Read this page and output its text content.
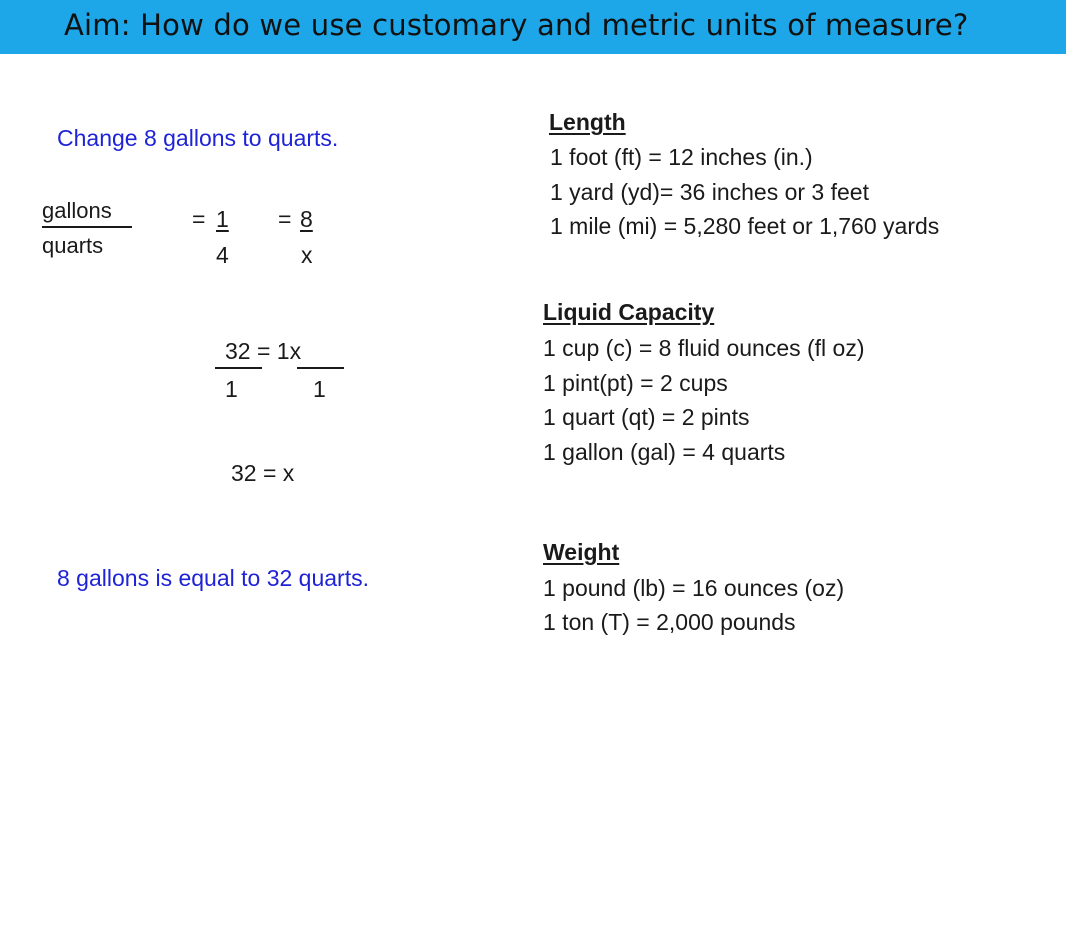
Aim: How do we use customary and metric units of measure?
Change 8 gallons to quarts.
gallons
quarts
= 1
4
= 8
x
32 = 1x
1	1
32 = x
8 gallons is equal to 32 quarts.
Length
1 foot (ft) = 12 inches (in.)
1 yard (yd)= 36 inches or 3 feet
1 mile (mi) = 5,280 feet or 1,760 yards
Liquid Capacity
1 cup (c) = 8 fluid ounces (fl oz)
1 pint(pt) = 2 cups
1 quart (qt) = 2 pints
1 gallon (gal) = 4 quarts
Weight
1 pound (lb) = 16 ounces (oz)
1 ton (T) = 2,000 pounds
